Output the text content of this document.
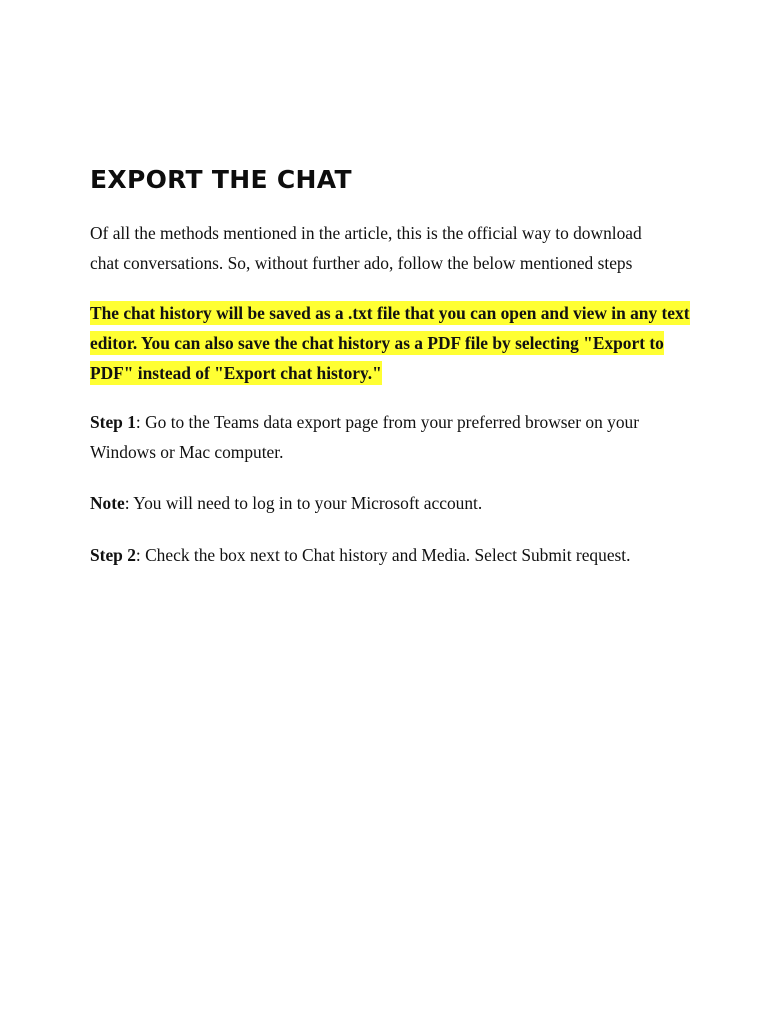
EXPORT THE CHAT

Of all the methods mentioned in the article, this is the official way to download chat conversations. So, without further ado, follow the below mentioned steps

The chat history will be saved as a .txt file that you can open and view in any text editor. You can also save the chat history as a PDF file by selecting "Export to PDF" instead of "Export chat history."

Step 1: Go to the Teams data export page from your preferred browser on your Windows or Mac computer.

Note: You will need to log in to your Microsoft account.

Step 2: Check the box next to Chat history and Media. Select Submit request.
